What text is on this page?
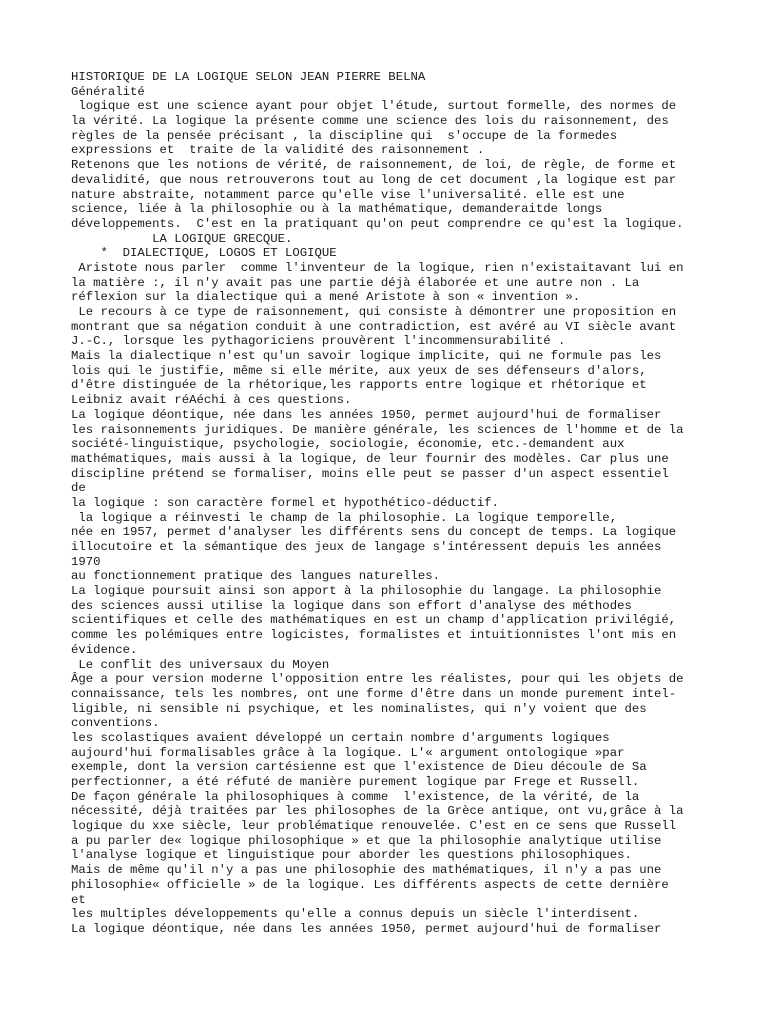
HISTORIQUE DE LA LOGIQUE SELON JEAN PIERRE BELNA
Généralité
logique est une science ayant pour objet l'étude, surtout formelle, des normes de
la vérité. La logique la présente comme une science des lois du raisonnement, des
règles de la pensée précisant , la discipline qui  s'occupe de la formedes
expressions et  traite de la validité des raisonnement .
Retenons que les notions de vérité, de raisonnement, de loi, de règle, de forme et
devalidité, que nous retrouverons tout au long de cet document ,la logique est par
nature abstraite, notamment parce qu'elle vise l'universalité. elle est une
science, liée à la philosophie ou à la mathématique, demanderaitde longs
développements.  C'est en la pratiquant qu'on peut comprendre ce qu'est la logique.
LA LOGIQUE GRECQUE.
*  DIALECTIQUE, LOGOS ET LOGIQUE
Aristote nous parler  comme l'inventeur de la logique, rien n'existaitavant lui en
la matière :, il n'y avait pas une partie déjà élaborée et une autre non . La
réflexion sur la dialectique qui a mené Aristote à son « invention ».
Le recours à ce type de raisonnement, qui consiste à démontrer une proposition en
montrant que sa négation conduit à une contradiction, est avéré au VI siècle avant
J.-C., lorsque les pythagoriciens prouvèrent l'incommensurabilité .
Mais la dialectique n'est qu'un savoir logique implicite, qui ne formule pas les
lois qui le justifie, même si elle mérite, aux yeux de ses défenseurs d'alors,
d'être distinguée de la rhétorique,les rapports entre logique et rhétorique et
Leibniz avait réAéchi à ces questions.
La logique déontique, née dans les années 1950, permet aujourd'hui de formaliser
les raisonnements juridiques. De manière générale, les sciences de l'homme et de la
société-linguistique, psychologie, sociologie, économie, etc.-demandent aux
mathématiques, mais aussi à la logique, de leur fournir des modèles. Car plus une
discipline prétend se formaliser, moins elle peut se passer d'un aspect essentiel
de
la logique : son caractère formel et hypothético-déductif.
la logique a réinvesti le champ de la philosophie. La logique temporelle,
née en 1957, permet d'analyser les différents sens du concept de temps. La logique
illocutoire et la sémantique des jeux de langage s'intéressent depuis les années
1970
au fonctionnement pratique des langues naturelles.
La logique poursuit ainsi son apport à la philosophie du langage. La philosophie
des sciences aussi utilise la logique dans son effort d'analyse des méthodes
scientifiques et celle des mathématiques en est un champ d'application privilégié,
comme les polémiques entre logicistes, formalistes et intuitionnistes l'ont mis en
évidence.
Le conflit des universaux du Moyen
Âge a pour version moderne l'opposition entre les réalistes, pour qui les objets de
connaissance, tels les nombres, ont une forme d'être dans un monde purement intel-
ligible, ni sensible ni psychique, et les nominalistes, qui n'y voient que des
conventions.
les scolastiques avaient développé un certain nombre d'arguments logiques
aujourd'hui formalisables grâce à la logique. L'« argument ontologique »par
exemple, dont la version cartésienne est que l'existence de Dieu découle de Sa
perfectionner, a été réfuté de manière purement logique par Frege et Russell.
De façon générale la philosophiques à comme  l'existence, de la vérité, de la
nécessité, déjà traitées par les philosophes de la Grèce antique, ont vu,grâce à la
logique du xxe siècle, leur problématique renouvelée. C'est en ce sens que Russell
a pu parler de« logique philosophique » et que la philosophie analytique utilise
l'analyse logique et linguistique pour aborder les questions philosophiques.
Mais de même qu'il n'y a pas une philosophie des mathématiques, il n'y a pas une
philosophie« officielle » de la logique. Les différents aspects de cette dernière
et
les multiples développements qu'elle a connus depuis un siècle l'interdisent.
La logique déontique, née dans les années 1950, permet aujourd'hui de formaliser
